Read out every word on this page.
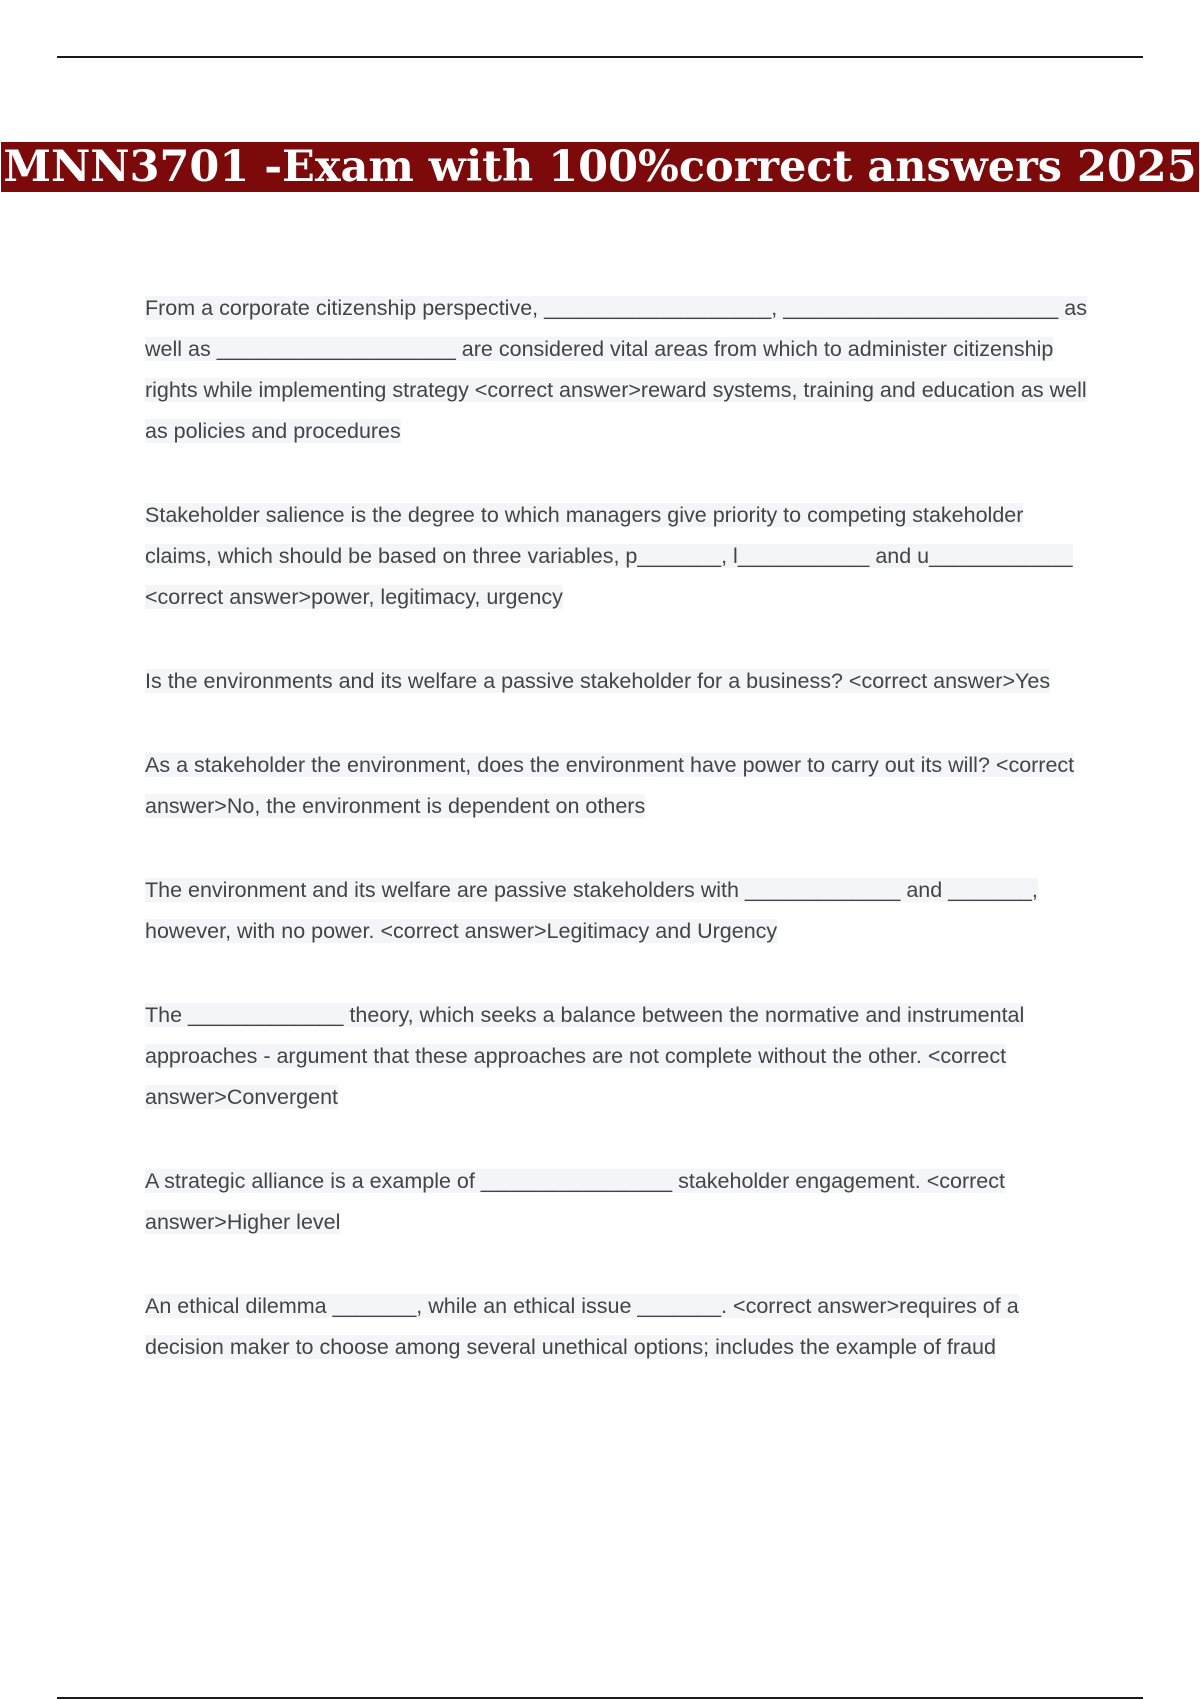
MNN3701 -Exam with 100%correct answers 2025

From a corporate citizenship perspective, ___________________, _______________________ as well as ____________________ are considered vital areas from which to administer citizenship rights while implementing strategy <correct answer>reward systems, training and education as well as policies and procedures

Stakeholder salience is the degree to which managers give priority to competing stakeholder claims, which should be based on three variables, p_______, l___________ and u____________ <correct answer>power, legitimacy, urgency

Is the environments and its welfare a passive stakeholder for a business? <correct answer>Yes

As a stakeholder the environment, does the environment have power to carry out its will? <correct answer>No, the environment is dependent on others

The environment and its welfare are passive stakeholders with _____________ and _______, however, with no power. <correct answer>Legitimacy and Urgency

The _____________ theory, which seeks a balance between the normative and instrumental approaches - argument that these approaches are not complete without the other. <correct answer>Convergent

A strategic alliance is a example of ________________ stakeholder engagement. <correct answer>Higher level

An ethical dilemma _______, while an ethical issue _______. <correct answer>requires of a decision maker to choose among several unethical options; includes the example of fraud
